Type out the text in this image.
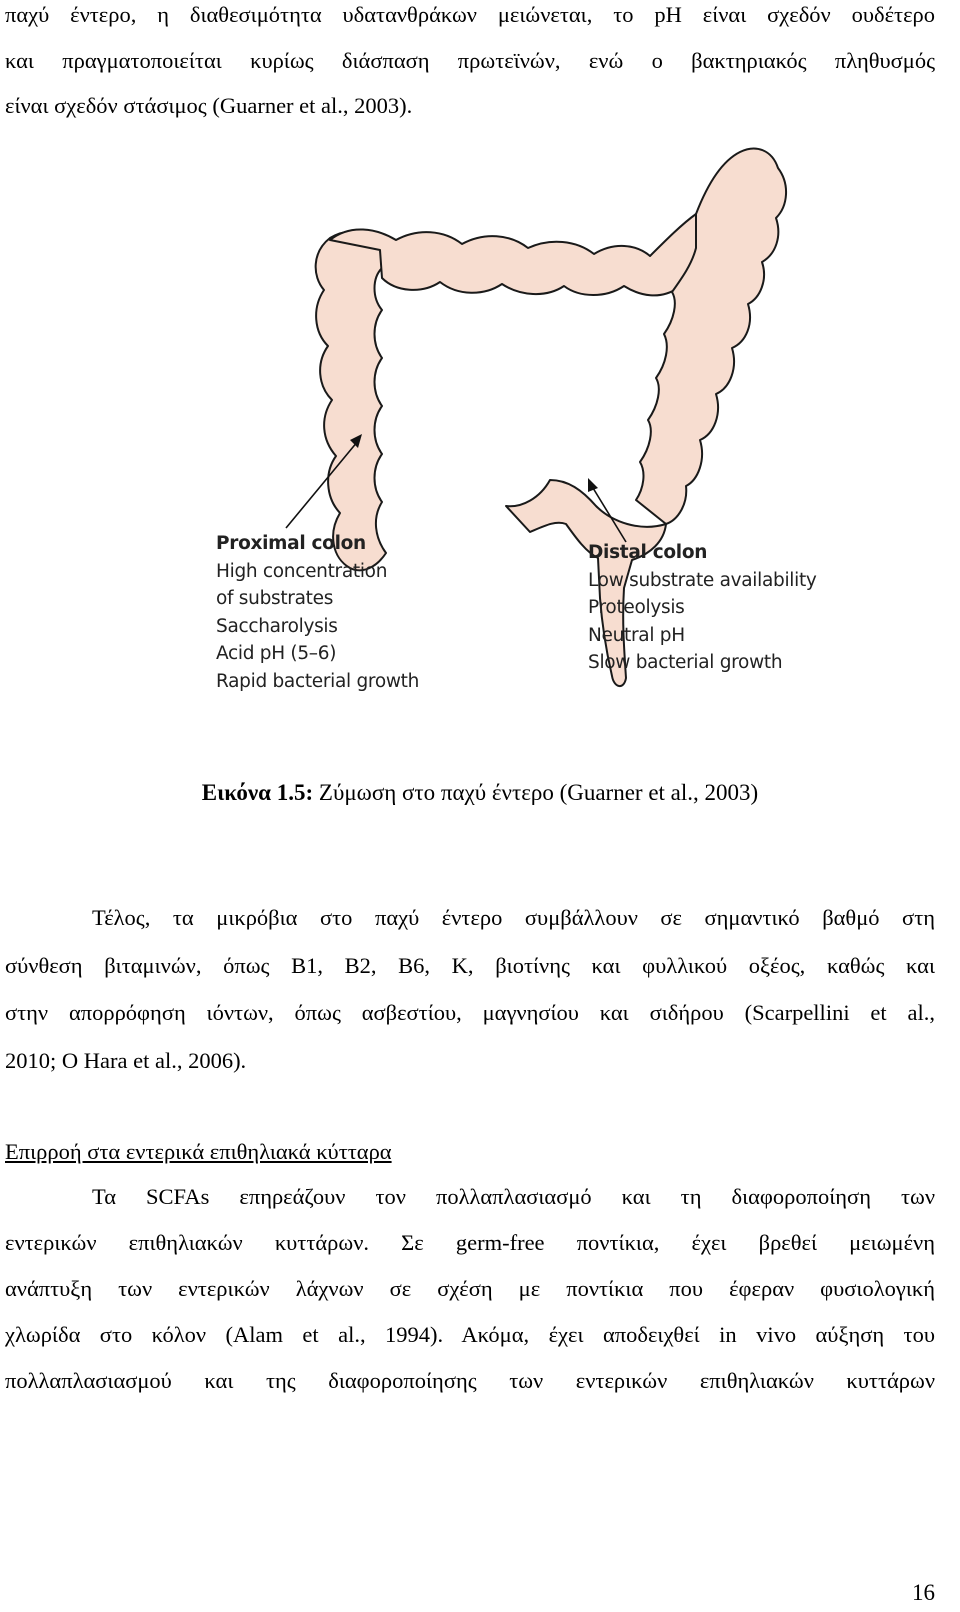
παχύ έντερο, η διαθεσιμότητα υδατανθράκων μειώνεται, το pH είναι σχεδόν ουδέτερο
και πραγματοποιείται κυρίως διάσπαση πρωτεϊνών, ενώ ο βακτηριακός πληθυσμός
είναι σχεδόν στάσιμος (Guarner et al., 2003).
Proximal colon
High concentration
of substrates
Saccharolysis
Acid pH (5–6)
Rapid bacterial growth
Distal colon
Low substrate availability
Proteolysis
Neutral pH
Slow bacterial growth
Εικόνα 1.5: Ζύμωση στο παχύ έντερο (Guarner et al., 2003)
Τέλος, τα μικρόβια στο παχύ έντερο συμβάλλουν σε σημαντικό βαθμό στη
σύνθεση βιταμινών, όπως B1, B2, B6, K, βιοτίνης και φυλλικού οξέος, καθώς και
στην απορρόφηση ιόντων, όπως ασβεστίου, μαγνησίου και σιδήρου (Scarpellini et al.,
2010; O Hara et al., 2006).
Επιρροή στα εντερικά επιθηλιακά κύτταρα
Τα SCFAs επηρεάζουν τον πολλαπλασιασμό και τη διαφοροποίηση των
εντερικών επιθηλιακών κυττάρων. Σε germ-free ποντίκια, έχει βρεθεί μειωμένη
ανάπτυξη των εντερικών λάχνων σε σχέση με ποντίκια που έφεραν φυσιολογική
χλωρίδα στο κόλον (Alam et al., 1994). Ακόμα, έχει αποδειχθεί in vivo αύξηση του
πολλαπλασιασμού και της διαφοροποίησης των εντερικών επιθηλιακών κυττάρων
16
